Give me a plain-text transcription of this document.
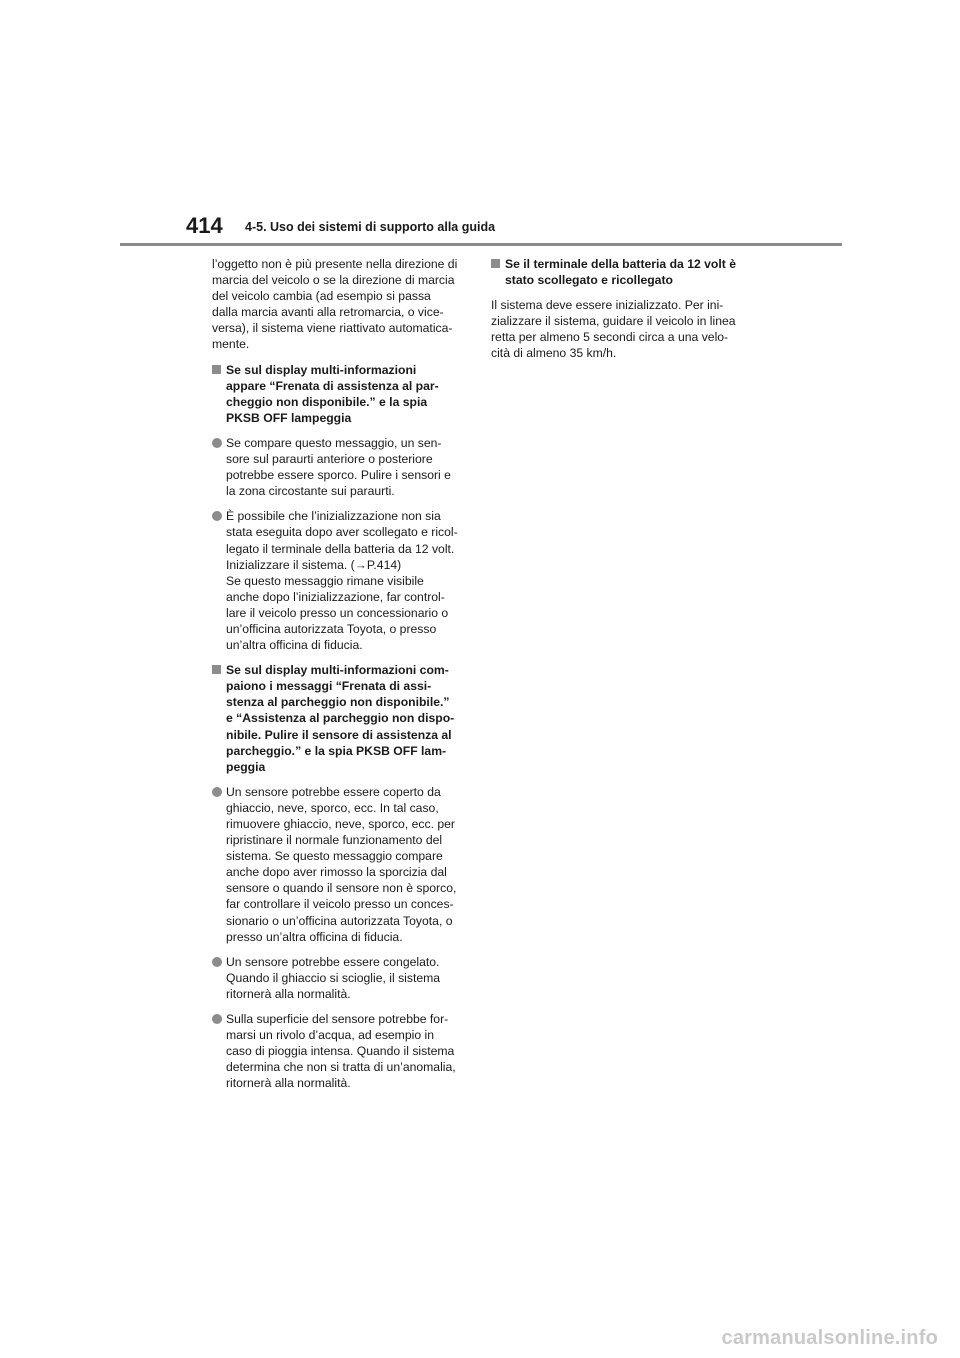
414 4-5. Uso dei sistemi di supporto alla guida
l’oggetto non è più presente nella direzione di
marcia del veicolo o se la direzione di marcia
del veicolo cambia (ad esempio si passa
dalla marcia avanti alla retromarcia, o vice-
versa), il sistema viene riattivato automatica-
mente.
Se sul display multi-informazioni
appare “Frenata di assistenza al par-
cheggio non disponibile.” e la spia
PKSB OFF lampeggia
Se compare questo messaggio, un sen-
sore sul paraurti anteriore o posteriore
potrebbe essere sporco. Pulire i sensori e
la zona circostante sui paraurti.
È possibile che l’inizializzazione non sia
stata eseguita dopo aver scollegato e ricol-
legato il terminale della batteria da 12 volt.
Inizializzare il sistema. (→P.414)
Se questo messaggio rimane visibile
anche dopo l’inizializzazione, far control-
lare il veicolo presso un concessionario o
un’officina autorizzata Toyota, o presso
un’altra officina di fiducia.
Se sul display multi-informazioni com-
paiono i messaggi “Frenata di assi-
stenza al parcheggio non disponibile.”
e “Assistenza al parcheggio non dispo-
nibile. Pulire il sensore di assistenza al
parcheggio.” e la spia PKSB OFF lam-
peggia
Un sensore potrebbe essere coperto da
ghiaccio, neve, sporco, ecc. In tal caso,
rimuovere ghiaccio, neve, sporco, ecc. per
ripristinare il normale funzionamento del
sistema. Se questo messaggio compare
anche dopo aver rimosso la sporcizia dal
sensore o quando il sensore non è sporco,
far controllare il veicolo presso un conces-
sionario o un’officina autorizzata Toyota, o
presso un’altra officina di fiducia.
Un sensore potrebbe essere congelato.
Quando il ghiaccio si scioglie, il sistema
ritornerà alla normalità.
Sulla superficie del sensore potrebbe for-
marsi un rivolo d’acqua, ad esempio in
caso di pioggia intensa. Quando il sistema
determina che non si tratta di un’anomalia,
ritornerà alla normalità.
Se il terminale della batteria da 12 volt è
stato scollegato e ricollegato
Il sistema deve essere inizializzato. Per ini-
zializzare il sistema, guidare il veicolo in linea
retta per almeno 5 secondi circa a una velo-
cità di almeno 35 km/h.
carmanualsonline.info
